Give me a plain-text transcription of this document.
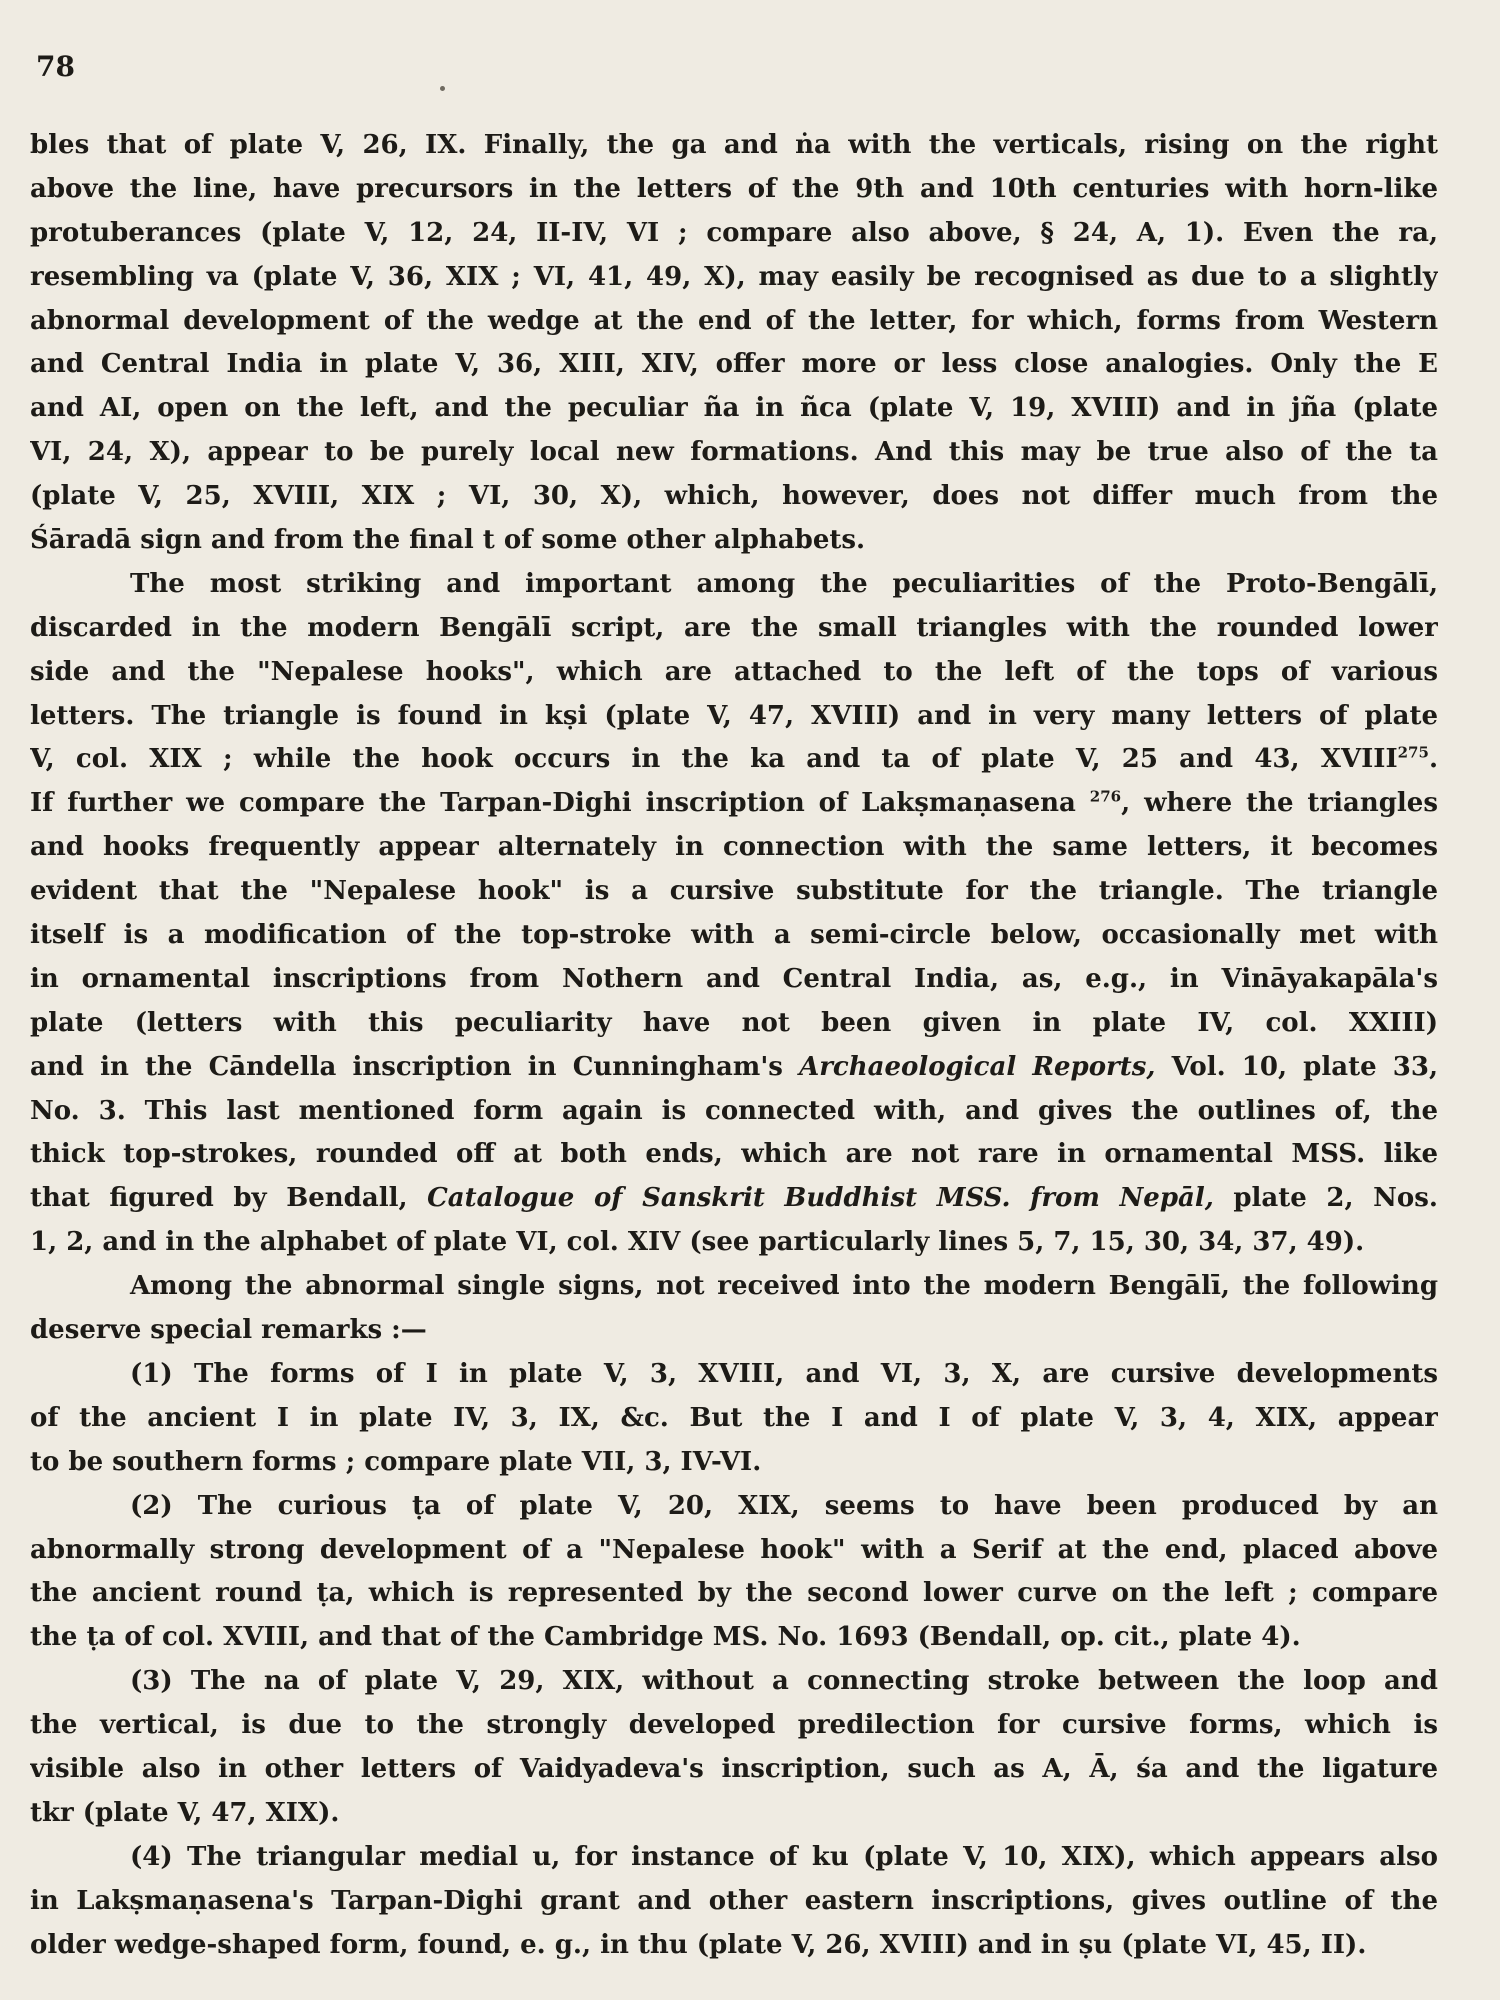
78
bles that of plate V, 26, IX. Finally, the ga and ṅa with the verticals, rising on the right
above the line, have precursors in the letters of the 9th and 10th centuries with horn-like
protuberances (plate V, 12, 24, II-IV, VI ; compare also above, § 24, A, 1). Even the ra,
resembling va (plate V, 36, XIX ; VI, 41, 49, X), may easily be recognised as due to a slightly
abnormal development of the wedge at the end of the letter, for which, forms from Western
and Central India in plate V, 36, XIII, XIV, offer more or less close analogies. Only the E
and AI, open on the left, and the peculiar ña in ñca (plate V, 19, XVIII) and in jña (plate
VI, 24, X), appear to be purely local new formations. And this may be true also of the ta
(plate V, 25, XVIII, XIX ; VI, 30, X), which, however, does not differ much from the
Śāradā sign and from the final t of some other alphabets.
The most striking and important among the peculiarities of the Proto-Bengālī,
discarded in the modern Bengālī script, are the small triangles with the rounded lower
side and the "Nepalese hooks", which are attached to the left of the tops of various
letters. The triangle is found in kṣi (plate V, 47, XVIII) and in very many letters of plate
V, col. XIX ; while the hook occurs in the ka and ta of plate V, 25 and 43, XVIII$^{275}$.
If further we compare the Tarpan-Dighi inscription of Lakṣmaṇasena $^{276}$, where the triangles
and hooks frequently appear alternately in connection with the same letters, it becomes
evident that the "Nepalese hook" is a cursive substitute for the triangle. The triangle
itself is a modification of the top-stroke with a semi-circle below, occasionally met with
in ornamental inscriptions from Nothern and Central India, as, e.g., in Vināyakapāla's
plate (letters with this peculiarity have not been given in plate IV, col. XXIII)
and in the Cāndella inscription in Cunningham's Archaeological Reports, Vol. 10, plate 33,
No. 3. This last mentioned form again is connected with, and gives the outlines of, the
thick top-strokes, rounded off at both ends, which are not rare in ornamental MSS. like
that figured by Bendall, Catalogue of Sanskrit Buddhist MSS. from Nepāl, plate 2, Nos.
1, 2, and in the alphabet of plate VI, col. XIV (see particularly lines 5, 7, 15, 30, 34, 37, 49).
Among the abnormal single signs, not received into the modern Bengālī, the following
deserve special remarks :—
(1) The forms of I in plate V, 3, XVIII, and VI, 3, X, are cursive developments
of the ancient I in plate IV, 3, IX, &c. But the I and I of plate V, 3, 4, XIX, appear
to be southern forms ; compare plate VII, 3, IV-VI.
(2) The curious ṭa of plate V, 20, XIX, seems to have been produced by an
abnormally strong development of a "Nepalese hook" with a Serif at the end, placed above
the ancient round ṭa, which is represented by the second lower curve on the left ; compare
the ṭa of col. XVIII, and that of the Cambridge MS. No. 1693 (Bendall, op. cit., plate 4).
(3) The na of plate V, 29, XIX, without a connecting stroke between the loop and
the vertical, is due to the strongly developed predilection for cursive forms, which is
visible also in other letters of Vaidyadeva's inscription, such as A, Ā, śa and the ligature
tkr (plate V, 47, XIX).
(4) The triangular medial u, for instance of ku (plate V, 10, XIX), which appears also
in Lakṣmaṇasena's Tarpan-Dighi grant and other eastern inscriptions, gives outline of the
older wedge-shaped form, found, e. g., in thu (plate V, 26, XVIII) and in ṣu (plate VI, 45, II).
